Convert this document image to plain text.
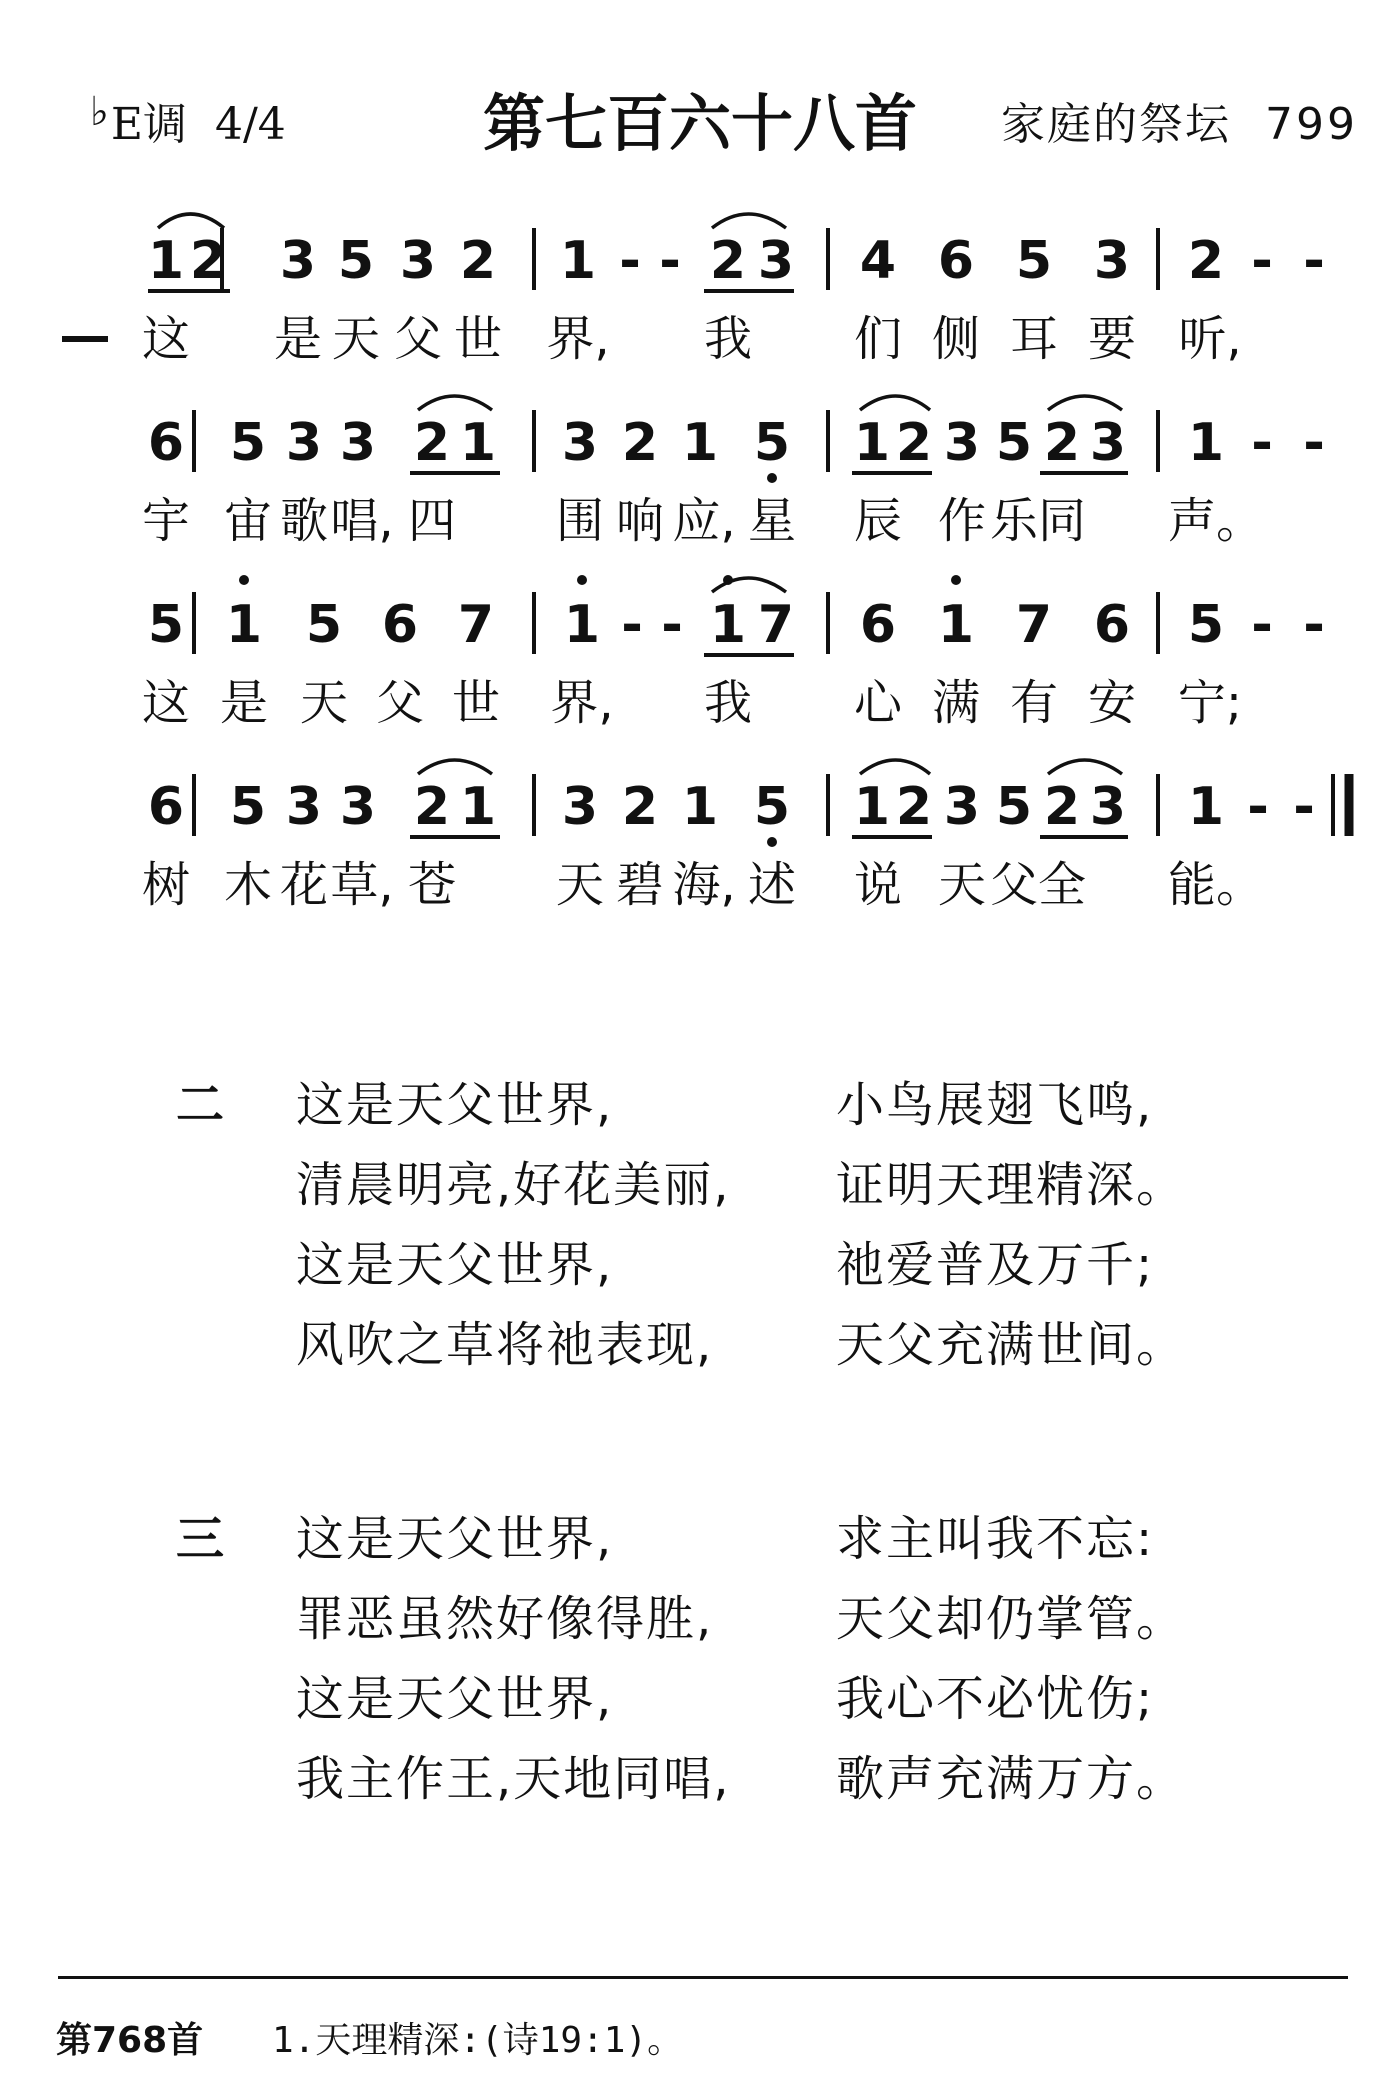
♭E调 4/4	第七百六十八首	家庭的祭坛 799
1 2 3 5 3 2 1 - - 2 3 4 6 5 3 2 - -
这 是 天 父 世 界, 我 们 侧 耳 要 听,
6 5 3 3 2 1 3 2 1 5 1 2 3 5 2 3 1 - -
宇 宙 歌 唱, 四 围 响 应, 星 辰 作 乐 同 声。
5 1 5 6 7 1 - - 1 7 6 1 7 6 5 - -
这 是 天 父 世 界, 我 心 满 有 安 宁;
6 5 3 3 2 1 3 2 1 5 1 2 3 5 2 3 1 - -
树 木 花 草, 苍 天 碧 海, 述 说 天 父 全 能。
二 这是天父世界,	小鸟展翅飞鸣,
清晨明亮,好花美丽, 证明天理精深。
这是天父世界,	祂爱普及万千;
风吹之草将祂表现,	天父充满世间。
三 这是天父世界,	求主叫我不忘:
罪恶虽然好像得胜,	天父却仍掌管。
这是天父世界,	我心不必忧伤;
我主作王,天地同唱, 歌声充满万方。
第768首 1.天理精深:(诗19:1)。
